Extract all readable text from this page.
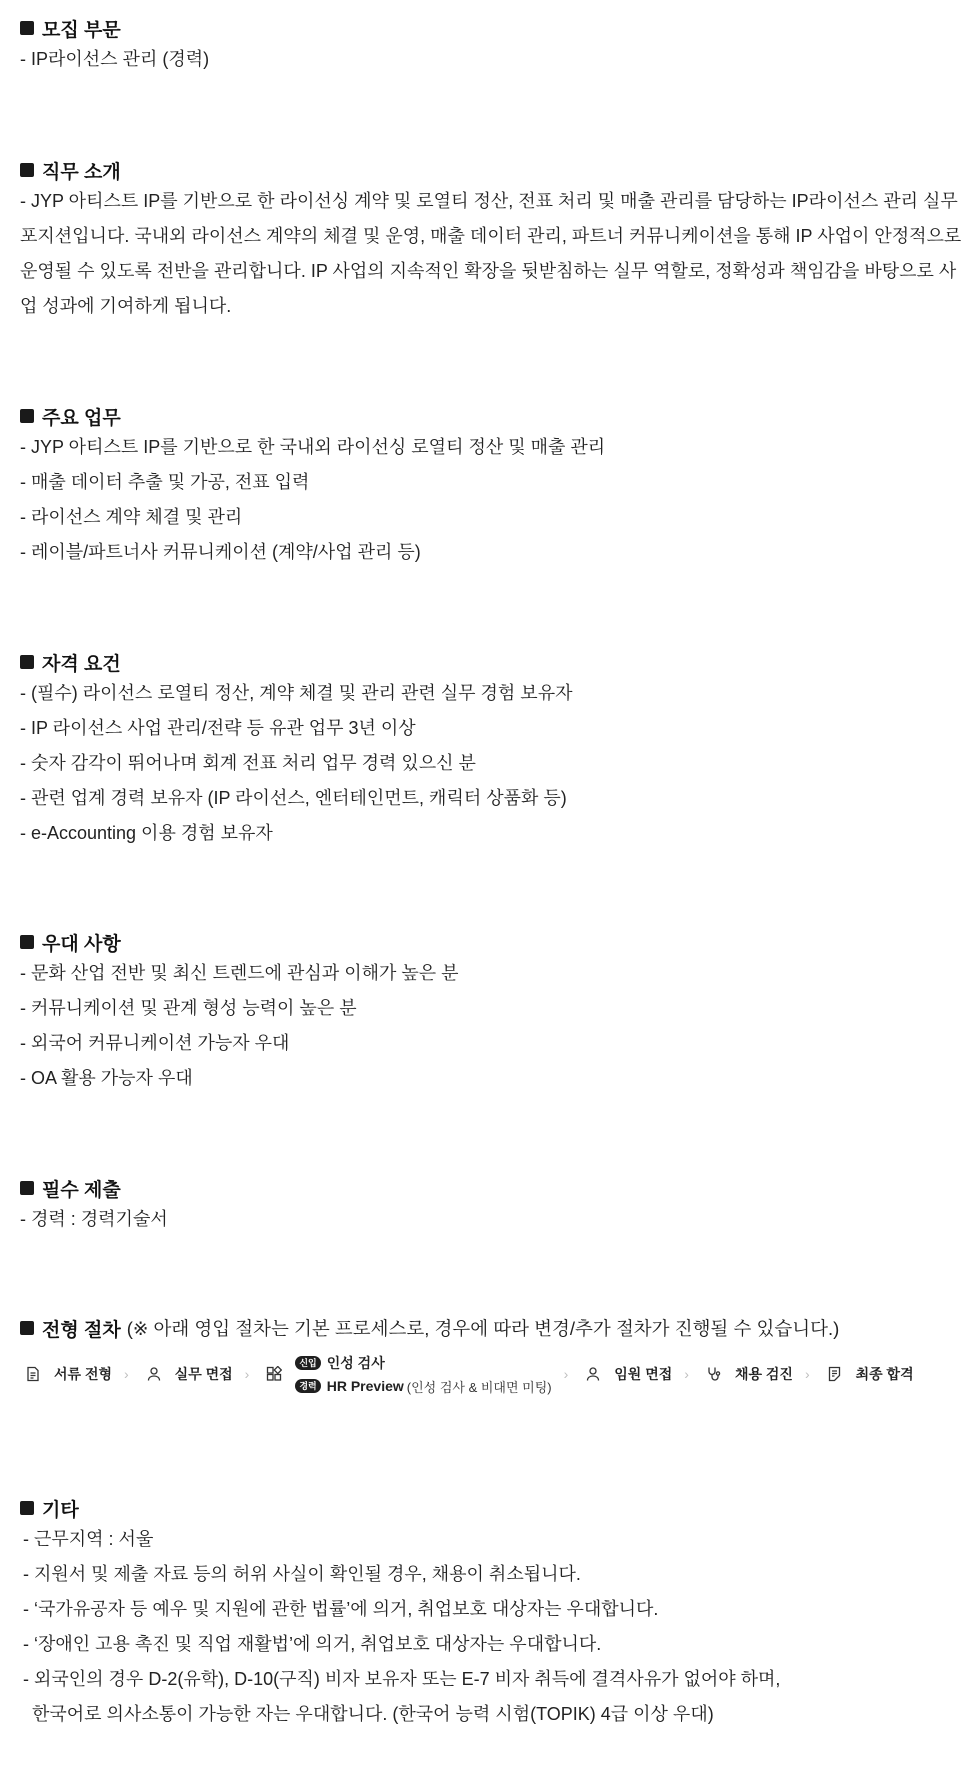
모집 부문
- IP라이선스 관리 (경력)
직무 소개
- JYP 아티스트 IP를 기반으로 한 라이선싱 계약 및 로열티 정산, 전표 처리 및 매출 관리를 담당하는 IP라이선스 관리 실무
포지션입니다. 국내외 라이선스 계약의 체결 및 운영, 매출 데이터 관리, 파트너 커뮤니케이션을 통해 IP 사업이 안정적으로
운영될 수 있도록 전반을 관리합니다. IP 사업의 지속적인 확장을 뒷받침하는 실무 역할로, 정확성과 책임감을 바탕으로 사
업 성과에 기여하게 됩니다.
주요 업무
- JYP 아티스트 IP를 기반으로 한 국내외 라이선싱 로열티 정산 및 매출 관리
- 매출 데이터 추출 및 가공, 전표 입력
- 라이선스 계약 체결 및 관리
- 레이블/파트너사 커뮤니케이션 (계약/사업 관리 등)
자격 요건
- (필수) 라이선스 로열티 정산, 계약 체결 및 관리 관련 실무 경험 보유자
- IP 라이선스 사업 관리/전략 등 유관 업무 3년 이상
- 숫자 감각이 뛰어나며 회계 전표 처리 업무 경력 있으신 분
- 관련 업계 경력 보유자 (IP 라이선스, 엔터테인먼트, 캐릭터 상품화 등)
- e-Accounting 이용 경험 보유자
우대 사항
- 문화 산업 전반 및 최신 트렌드에 관심과 이해가 높은 분
- 커뮤니케이션 및 관계 형성 능력이 높은 분
- 외국어 커뮤니케이션 가능자 우대
- OA 활용 가능자 우대
필수 제출
- 경력 : 경력기술서
전형 절차 (※ 아래 영입 절차는 기본 프로세스로, 경우에 따라 변경/추가 절차가 진행될 수 있습니다.)
서류 전형 ›	실무 면접 ›
신입 인성 검사
경력 HR Preview (인성 검사 & 비대면 미팅)
›	임원 면접 ›	채용 검진 ›	최종 합격
기타
- 근무지역 : 서울
- 지원서 및 제출 자료 등의 허위 사실이 확인될 경우, 채용이 취소됩니다.
- ‘국가유공자 등 예우 및 지원에 관한 법률’에 의거, 취업보호 대상자는 우대합니다.
- ‘장애인 고용 촉진 및 직업 재활법’에 의거, 취업보호 대상자는 우대합니다.
- 외국인의 경우 D-2(유학), D-10(구직) 비자 보유자 또는 E-7 비자 취득에 결격사유가 없어야 하며,
한국어로 의사소통이 가능한 자는 우대합니다. (한국어 능력 시험(TOPIK) 4급 이상 우대)
